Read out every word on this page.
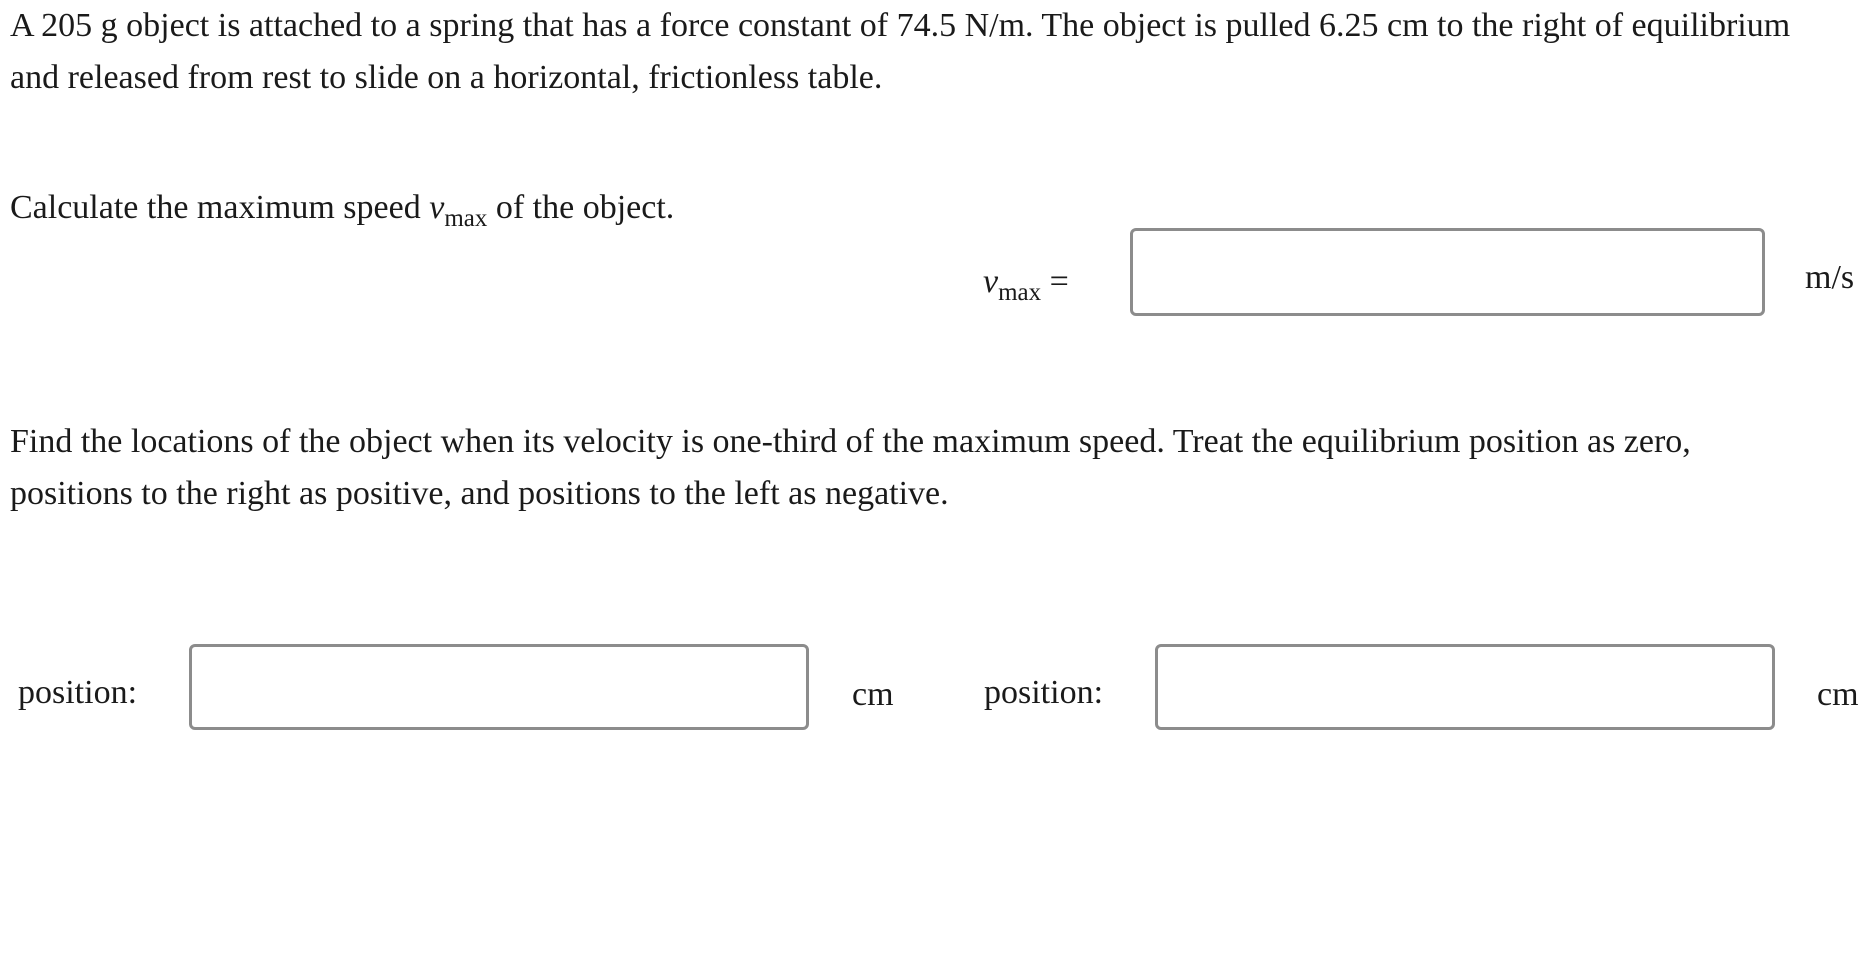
A 205 g object is attached to a spring that has a force constant of 74.5 N/m. The object is pulled 6.25 cm to the right of equilibrium and released from rest to slide on a horizontal, frictionless table.

Calculate the maximum speed $v_{max}$ of the object.

$v_{max}$ =	m/s

Find the locations of the object when its velocity is one-third of the maximum speed. Treat the equilibrium position as zero, positions to the right as positive, and positions to the left as negative.

position:	cm	position:	cm
